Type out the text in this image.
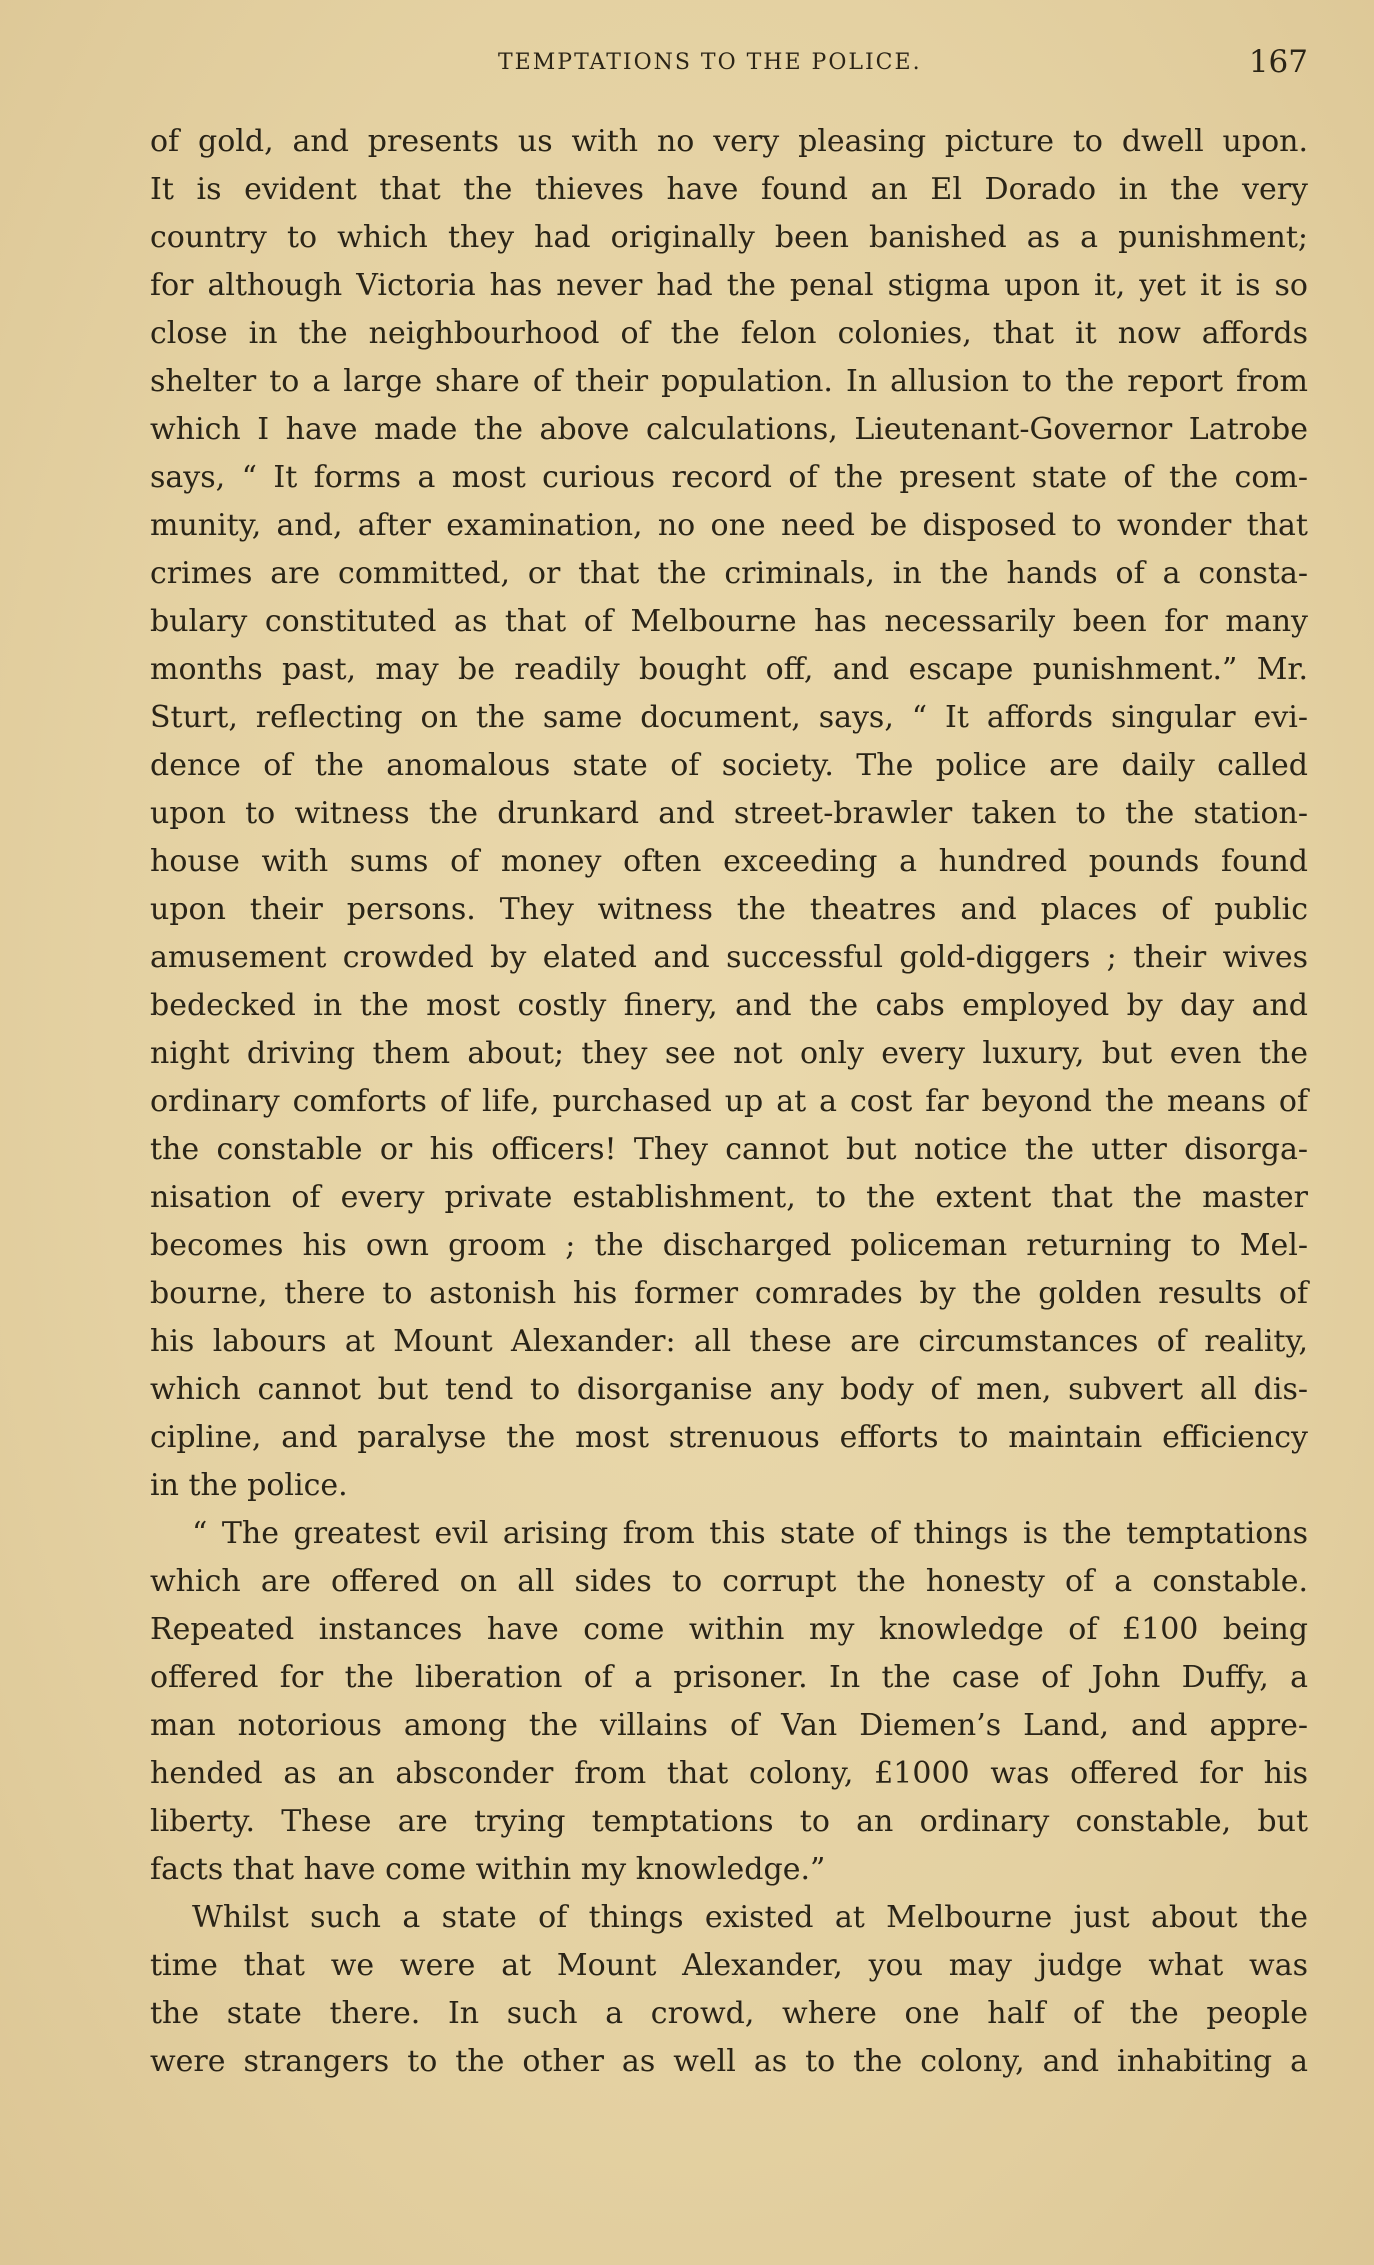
TEMPTATIONS TO THE POLICE.	167
of gold, and presents us with no very pleasing picture to dwell upon.
It is evident that the thieves have found an El Dorado in the very
country to which they had originally been banished as a punishment;
for although Victoria has never had the penal stigma upon it, yet it is so
close in the neighbourhood of the felon colonies, that it now affords
shelter to a large share of their population. In allusion to the report from
which I have made the above calculations, Lieutenant-Governor Latrobe
says, “ It forms a most curious record of the present state of the com-
munity, and, after examination, no one need be disposed to wonder that
crimes are committed, or that the criminals, in the hands of a consta-
bulary constituted as that of Melbourne has necessarily been for many
months past, may be readily bought off, and escape punishment.” Mr.
Sturt, reflecting on the same document, says, “ It affords singular evi-
dence of the anomalous state of society. The police are daily called
upon to witness the drunkard and street-brawler taken to the station-
house with sums of money often exceeding a hundred pounds found
upon their persons. They witness the theatres and places of public
amusement crowded by elated and successful gold-diggers ; their wives
bedecked in the most costly finery, and the cabs employed by day and
night driving them about; they see not only every luxury, but even the
ordinary comforts of life, purchased up at a cost far beyond the means of
the constable or his officers! They cannot but notice the utter disorga-
nisation of every private establishment, to the extent that the master
becomes his own groom ; the discharged policeman returning to Mel-
bourne, there to astonish his former comrades by the golden results of
his labours at Mount Alexander: all these are circumstances of reality,
which cannot but tend to disorganise any body of men, subvert all dis-
cipline, and paralyse the most strenuous efforts to maintain efficiency
in the police.
“ The greatest evil arising from this state of things is the temptations
which are offered on all sides to corrupt the honesty of a constable.
Repeated instances have come within my knowledge of £100 being
offered for the liberation of a prisoner. In the case of John Duffy, a
man notorious among the villains of Van Diemen’s Land, and appre-
hended as an absconder from that colony, £1000 was offered for his
liberty. These are trying temptations to an ordinary constable, but
facts that have come within my knowledge.”
Whilst such a state of things existed at Melbourne just about the
time that we were at Mount Alexander, you may judge what was
the state there. In such a crowd, where one half of the people
were strangers to the other as well as to the colony, and inhabiting a
